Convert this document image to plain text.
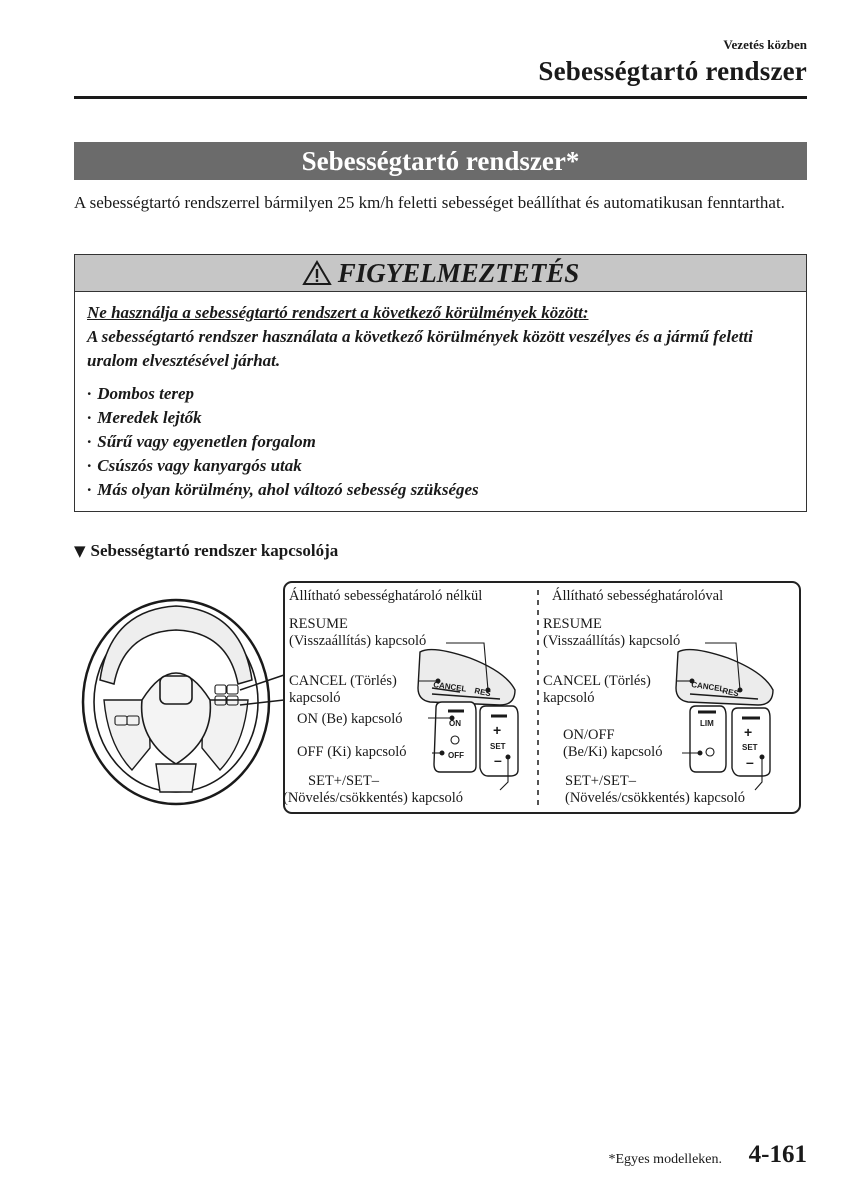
Vezetés közben
Sebességtartó rendszer
Sebességtartó rendszer*
A sebességtartó rendszerrel bármilyen 25 km/h feletti sebességet beállíthat és automatikusan fenntarthat.
FIGYELMEZTETÉS
Ne használja a sebességtartó rendszert a következő körülmények között:
A sebességtartó rendszer használata a következő körülmények között veszélyes és a jármű feletti uralom elvesztésével járhat.
· Dombos terep
· Meredek lejtők
· Sűrű vagy egyenetlen forgalom
· Csúszós vagy kanyargós utak
· Más olyan körülmény, ahol változó sebesség szükséges
▼ Sebességtartó rendszer kapcsolója
CANCEL RES
ON
OFF
+
SET
–
CANCEL
RES
LIM
+
SET
–
Állítható sebességhatároló nélkül
RESUME
(Visszaállítás) kapcsoló
CANCEL (Törlés)
kapcsoló
ON (Be) kapcsoló
OFF (Ki) kapcsoló
SET+/SET–
(Növelés/csökkentés) kapcsoló
Állítható sebességhatárolóval
RESUME
(Visszaállítás) kapcsoló
CANCEL (Törlés)
kapcsoló
ON/OFF
(Be/Ki) kapcsoló
SET+/SET–
(Növelés/csökkentés) kapcsoló
*Egyes modelleken. 4-161
